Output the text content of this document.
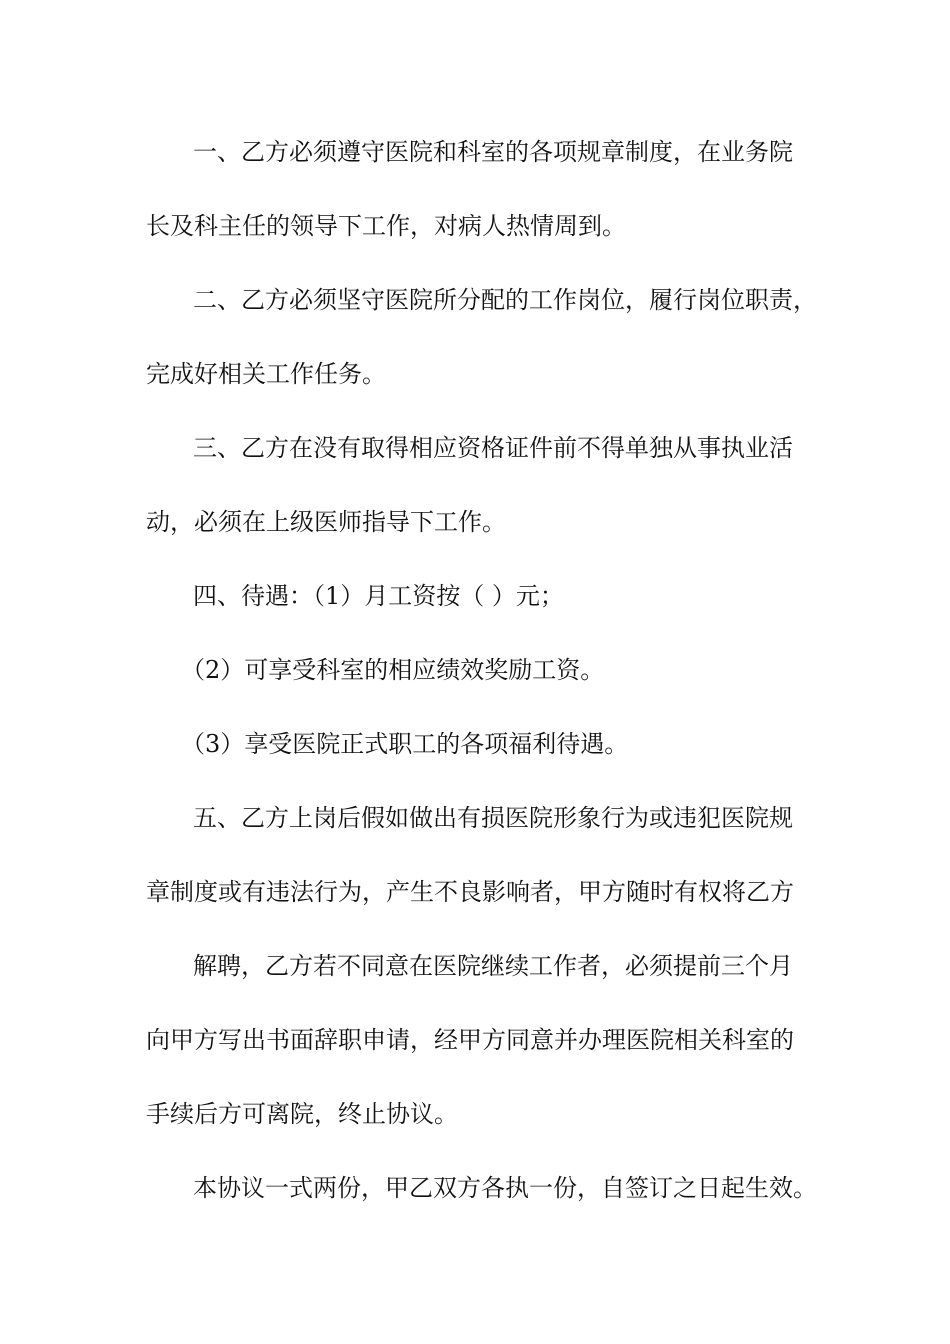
一、乙方必须遵守医院和科室的各项规章制度，在业务院
长及科主任的领导下工作，对病人热情周到。
二、乙方必须坚守医院所分配的工作岗位，履行岗位职责，
完成好相关工作任务。
三、乙方在没有取得相应资格证件前不得单独从事执业活
动，必须在上级医师指导下工作。
四、待遇：（1）月工资按（ ）元；
（2）可享受科室的相应绩效奖励工资。
（3）享受医院正式职工的各项福利待遇。
五、乙方上岗后假如做出有损医院形象行为或违犯医院规
章制度或有违法行为，产生不良影响者，甲方随时有权将乙方
解聘，乙方若不同意在医院继续工作者，必须提前三个月
向甲方写出书面辞职申请，经甲方同意并办理医院相关科室的
手续后方可离院，终止协议。
本协议一式两份，甲乙双方各执一份，自签订之日起生效。
